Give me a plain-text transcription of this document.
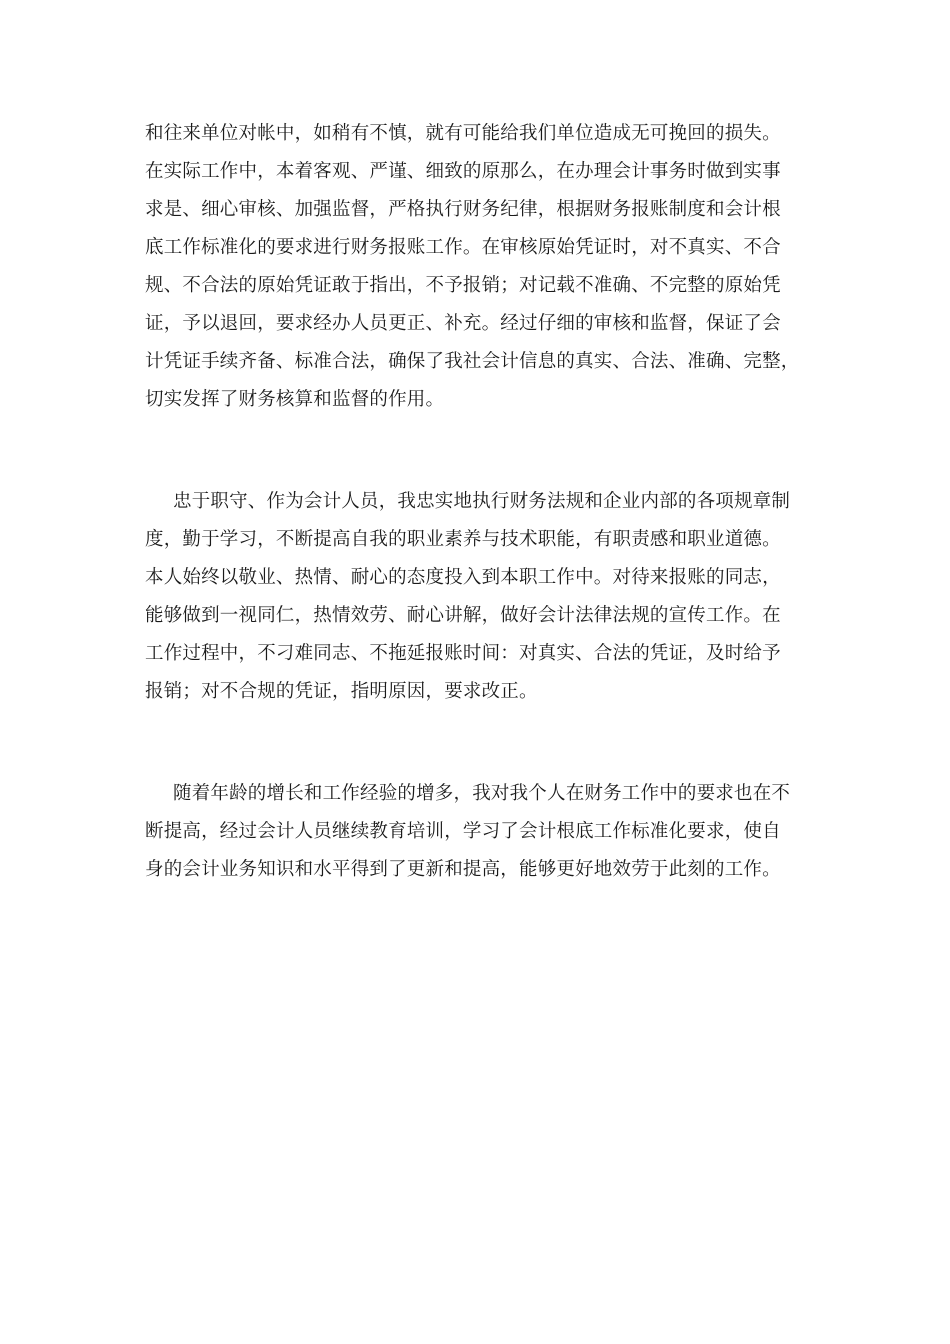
和往来单位对帐中，如稍有不慎，就有可能给我们单位造成无可挽回的损失。

在实际工作中，本着客观、严谨、细致的原那么，在办理会计事务时做到实事

求是、细心审核、加强监督，严格执行财务纪律，根据财务报账制度和会计根

底工作标准化的要求进行财务报账工作。在审核原始凭证时，对不真实、不合

规、不合法的原始凭证敢于指出，不予报销；对记载不准确、不完整的原始凭

证，予以退回，要求经办人员更正、补充。经过仔细的审核和监督，保证了会

计凭证手续齐备、标准合法，确保了我社会计信息的真实、合法、准确、完整，

切实发挥了财务核算和监督的作用。

忠于职守、作为会计人员，我忠实地执行财务法规和企业内部的各项规章制

度，勤于学习，不断提高自我的职业素养与技术职能，有职责感和职业道德。

本人始终以敬业、热情、耐心的态度投入到本职工作中。对待来报账的同志，

能够做到一视同仁，热情效劳、耐心讲解，做好会计法律法规的宣传工作。在

工作过程中，不刁难同志、不拖延报账时间：对真实、合法的凭证，及时给予

报销；对不合规的凭证，指明原因，要求改正。

随着年龄的增长和工作经验的增多，我对我个人在财务工作中的要求也在不

断提高，经过会计人员继续教育培训，学习了会计根底工作标准化要求，使自

身的会计业务知识和水平得到了更新和提高，能够更好地效劳于此刻的工作。
